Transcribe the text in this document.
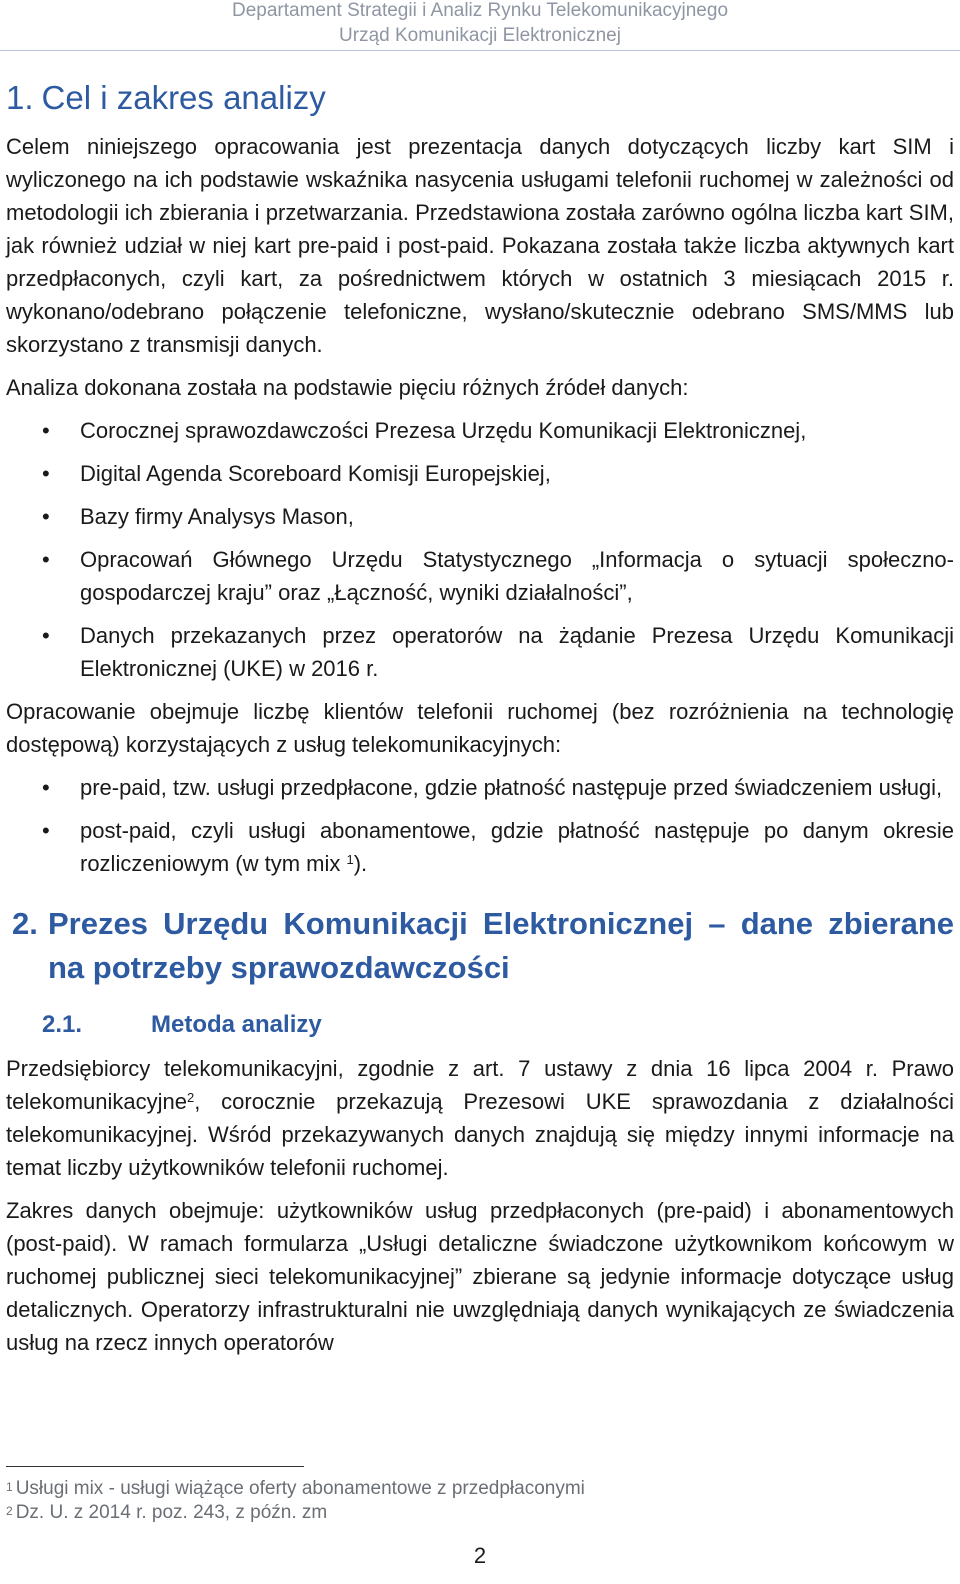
Departament Strategii i Analiz Rynku Telekomunikacyjnego
Urząd Komunikacji Elektronicznej
1. Cel i zakres analizy

Celem niniejszego opracowania jest prezentacja danych dotyczących liczby kart SIM i wyliczonego na ich podstawie wskaźnika nasycenia usługami telefonii ruchomej w zależności od metodologii ich zbierania i przetwarzania. Przedstawiona została zarówno ogólna liczba kart SIM, jak również udział w niej kart pre-paid i post-paid. Pokazana została także liczba aktywnych kart przedpłaconych, czyli kart, za pośrednictwem których w ostatnich 3 miesiącach 2015 r. wykonano/odebrano połączenie telefoniczne, wysłano/skutecznie odebrano SMS/MMS lub skorzystano z transmisji danych.

Analiza dokonana została na podstawie pięciu różnych źródeł danych:

• Corocznej sprawozdawczości Prezesa Urzędu Komunikacji Elektronicznej,
• Digital Agenda Scoreboard Komisji Europejskiej,
• Bazy firmy Analysys Mason,
• Opracowań Głównego Urzędu Statystycznego „Informacja o sytuacji społeczno-gospodarczej kraju” oraz „Łączność, wyniki działalności”,
• Danych przekazanych przez operatorów na żądanie Prezesa Urzędu Komunikacji Elektronicznej (UKE) w 2016 r.

Opracowanie obejmuje liczbę klientów telefonii ruchomej (bez rozróżnienia na technologię dostępową) korzystających z usług telekomunikacyjnych:

• pre-paid, tzw. usługi przedpłacone, gdzie płatność następuje przed świadczeniem usługi,
• post-paid, czyli usługi abonamentowe, gdzie płatność następuje po danym okresie rozliczeniowym (w tym mix $^1$).
2. Prezes Urzędu Komunikacji Elektronicznej – dane zbierane na potrzeby sprawozdawczości
2.1.	Metoda analizy

Przedsiębiorcy telekomunikacyjni, zgodnie z art. 7 ustawy z dnia 16 lipca 2004 r. Prawo telekomunikacyjne$^2$, corocznie przekazują Prezesowi UKE sprawozdania z działalności telekomunikacyjnej. Wśród przekazywanych danych znajdują się między innymi informacje na temat liczby użytkowników telefonii ruchomej.

Zakres danych obejmuje: użytkowników usług przedpłaconych (pre-paid) i abonamentowych (post-paid). W ramach formularza „Usługi detaliczne świadczone użytkownikom końcowym w ruchomej publicznej sieci telekomunikacyjnej” zbierane są jedynie informacje dotyczące usług detalicznych. Operatorzy infrastrukturalni nie uwzględniają danych wynikających ze świadczenia usług na rzecz innych operatorów

$^1$ Usługi mix - usługi wiążące oferty abonamentowe z przedpłaconymi
$^2$ Dz. U. z 2014 r. poz. 243, z późn. zm
2
